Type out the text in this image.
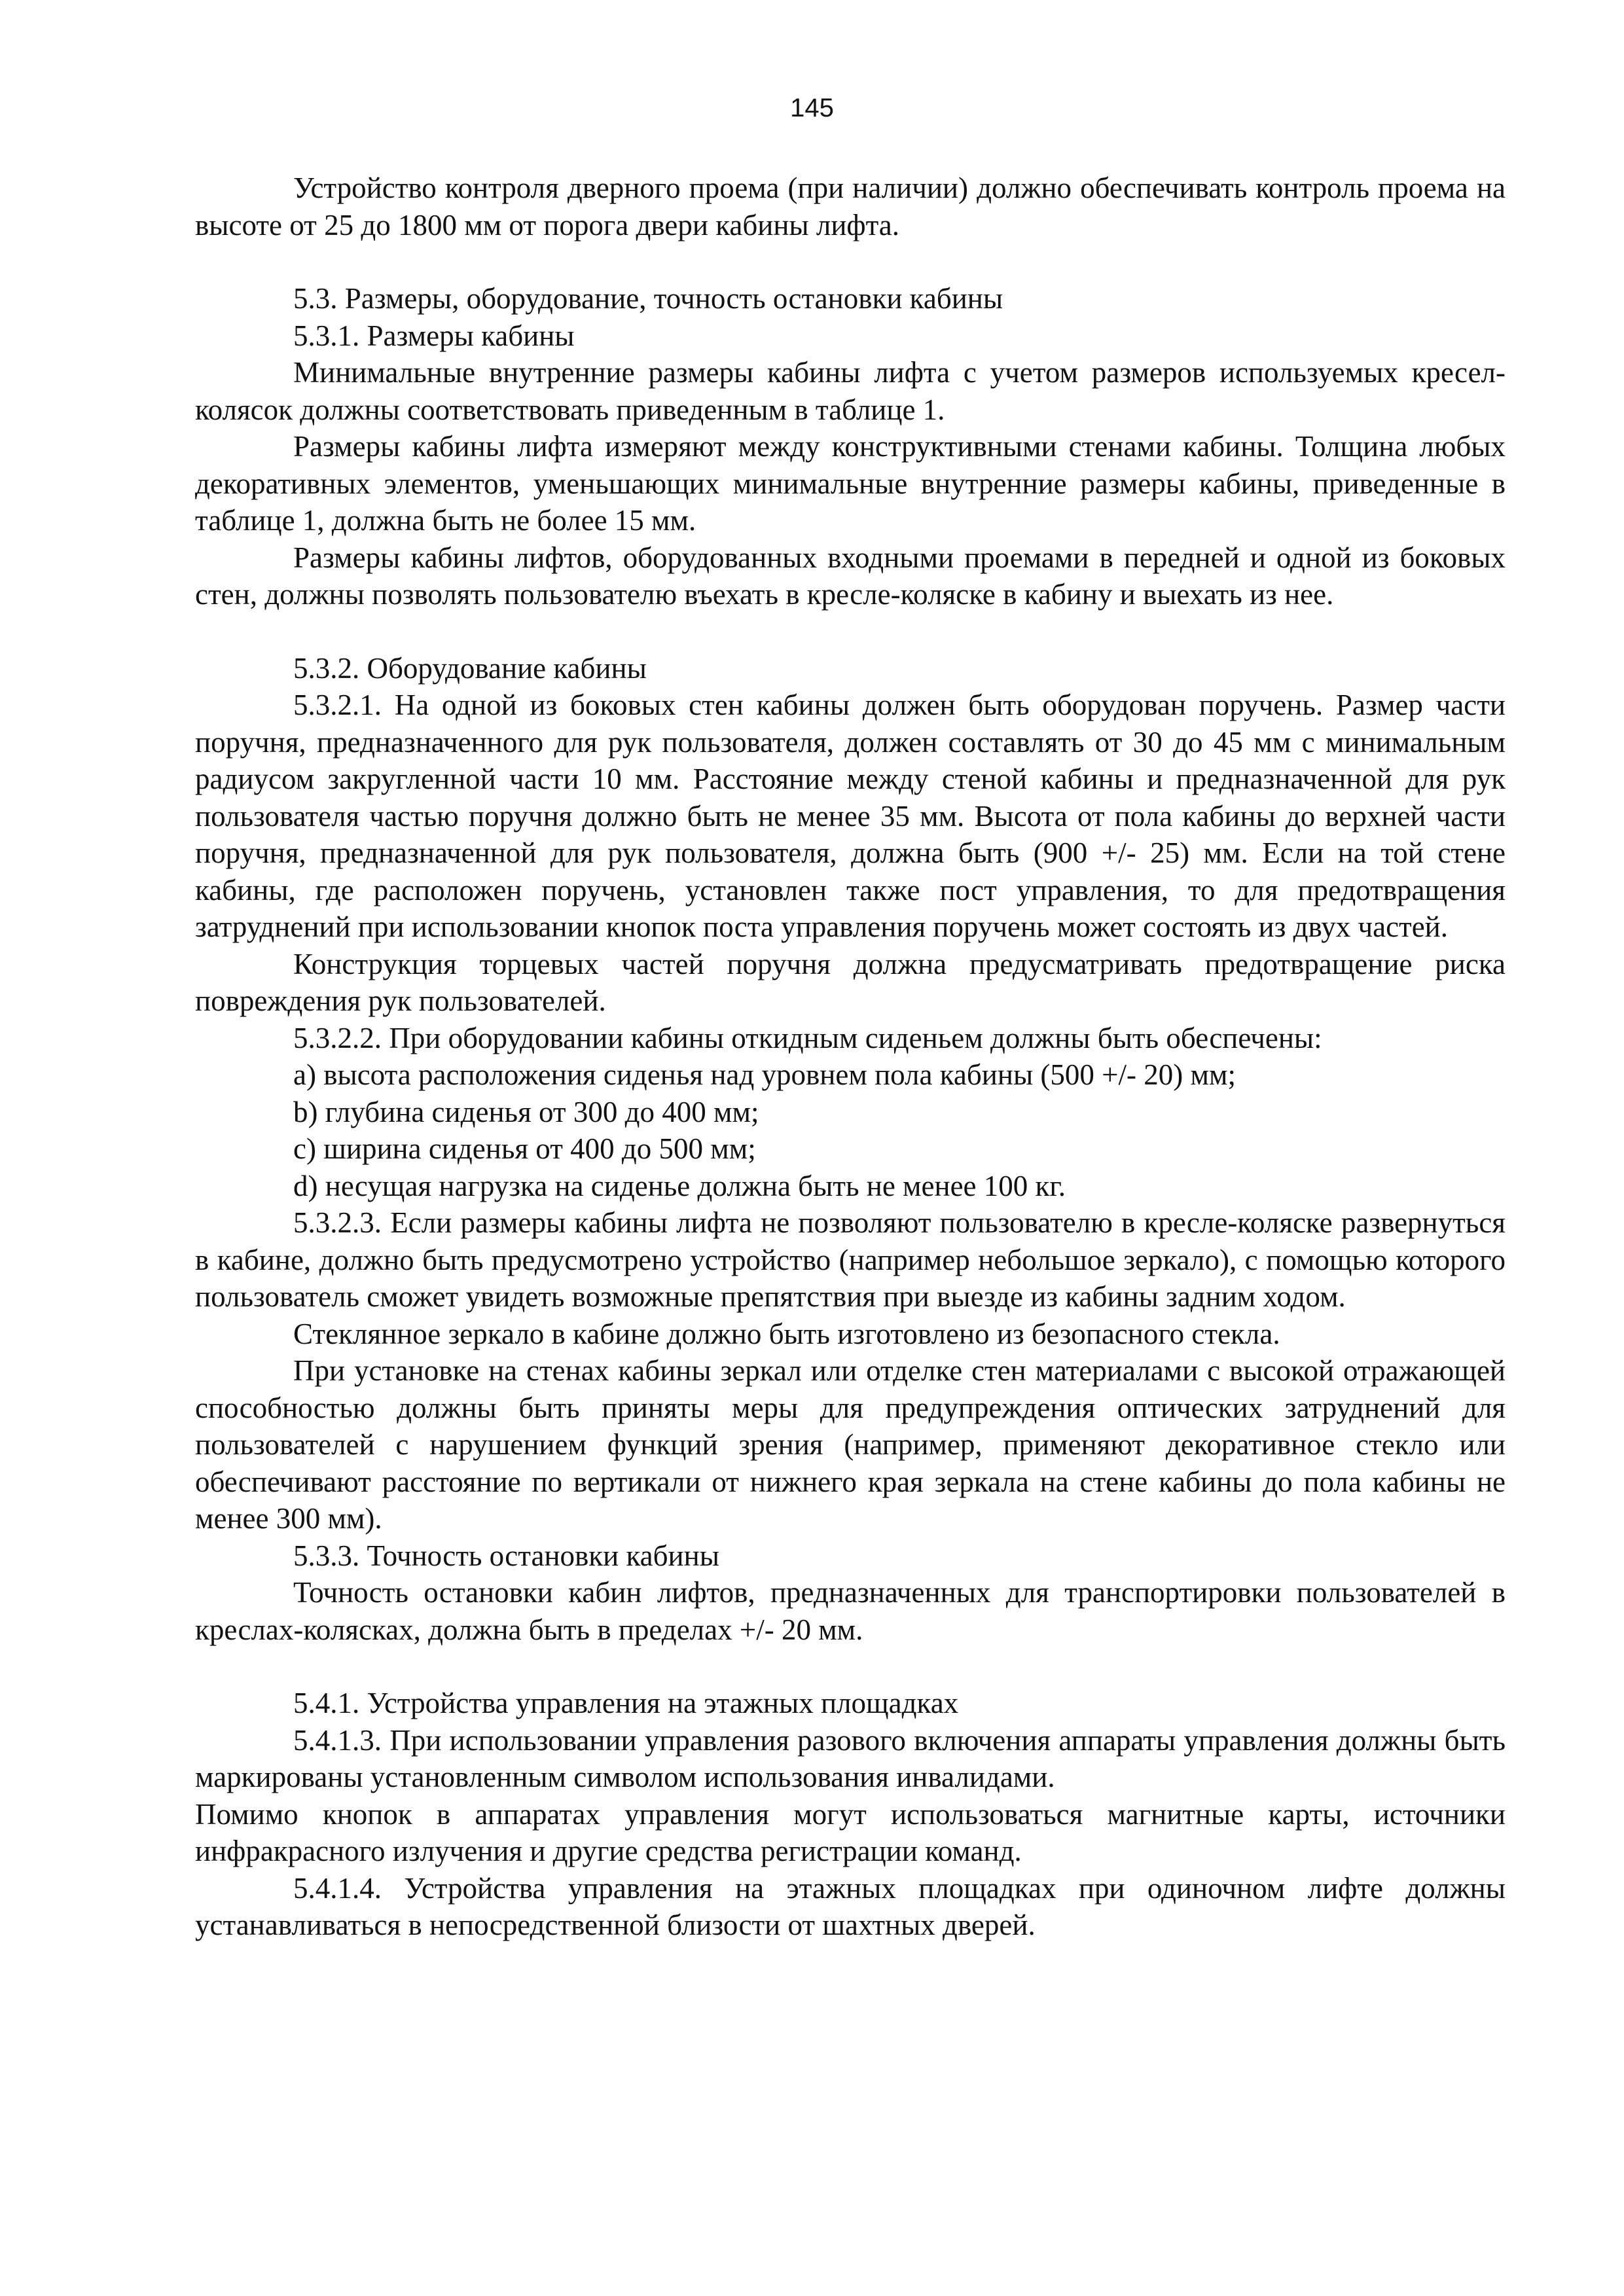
145

Устройство контроля дверного проема (при наличии) должно обеспечивать контроль проема на высоте от 25 до 1800 мм от порога двери кабины лифта.

5.3. Размеры, оборудование, точность остановки кабины

5.3.1. Размеры кабины

Минимальные внутренние размеры кабины лифта с учетом размеров используемых кресел-колясок должны соответствовать приведенным в таблице 1.

Размеры кабины лифта измеряют между конструктивными стенами кабины. Толщина любых декоративных элементов, уменьшающих минимальные внутренние размеры кабины, приведенные в таблице 1, должна быть не более 15 мм.

Размеры кабины лифтов, оборудованных входными проемами в передней и одной из боковых стен, должны позволять пользователю въехать в кресле-коляске в кабину и выехать из нее.

5.3.2. Оборудование кабины

5.3.2.1. На одной из боковых стен кабины должен быть оборудован поручень. Размер части поручня, предназначенного для рук пользователя, должен составлять от 30 до 45 мм с минимальным радиусом закругленной части 10 мм. Расстояние между стеной кабины и предназначенной для рук пользователя частью поручня должно быть не менее 35 мм. Высота от пола кабины до верхней части поручня, предназначенной для рук пользователя, должна быть (900 +/- 25) мм. Если на той стене кабины, где расположен поручень, установлен также пост управления, то для предотвращения затруднений при использовании кнопок поста управления поручень может состоять из двух частей.

Конструкция торцевых частей поручня должна предусматривать предотвращение риска повреждения рук пользователей.

5.3.2.2. При оборудовании кабины откидным сиденьем должны быть обеспечены:

а) высота расположения сиденья над уровнем пола кабины (500 +/- 20) мм;

b) глубина сиденья от 300 до 400 мм;

c) ширина сиденья от 400 до 500 мм;

d) несущая нагрузка на сиденье должна быть не менее 100 кг.

5.3.2.3. Если размеры кабины лифта не позволяют пользователю в кресле-коляске развернуться в кабине, должно быть предусмотрено устройство (например небольшое зеркало), с помощью которого пользователь сможет увидеть возможные препятствия при выезде из кабины задним ходом.

Стеклянное зеркало в кабине должно быть изготовлено из безопасного стекла.

При установке на стенах кабины зеркал или отделке стен материалами с высокой отражающей способностью должны быть приняты меры для предупреждения оптических затруднений для пользователей с нарушением функций зрения (например, применяют декоративное стекло или обеспечивают расстояние по вертикали от нижнего края зеркала на стене кабины до пола кабины не менее 300 мм).

5.3.3. Точность остановки кабины

Точность остановки кабин лифтов, предназначенных для транспортировки пользователей в креслах-колясках, должна быть в пределах +/- 20 мм.

5.4.1. Устройства управления на этажных площадках

5.4.1.3. При использовании управления разового включения аппараты управления должны быть маркированы установленным символом использования инвалидами.

Помимо кнопок в аппаратах управления могут использоваться магнитные карты, источники инфракрасного излучения и другие средства регистрации команд.

5.4.1.4. Устройства управления на этажных площадках при одиночном лифте должны устанавливаться в непосредственной близости от шахтных дверей.
